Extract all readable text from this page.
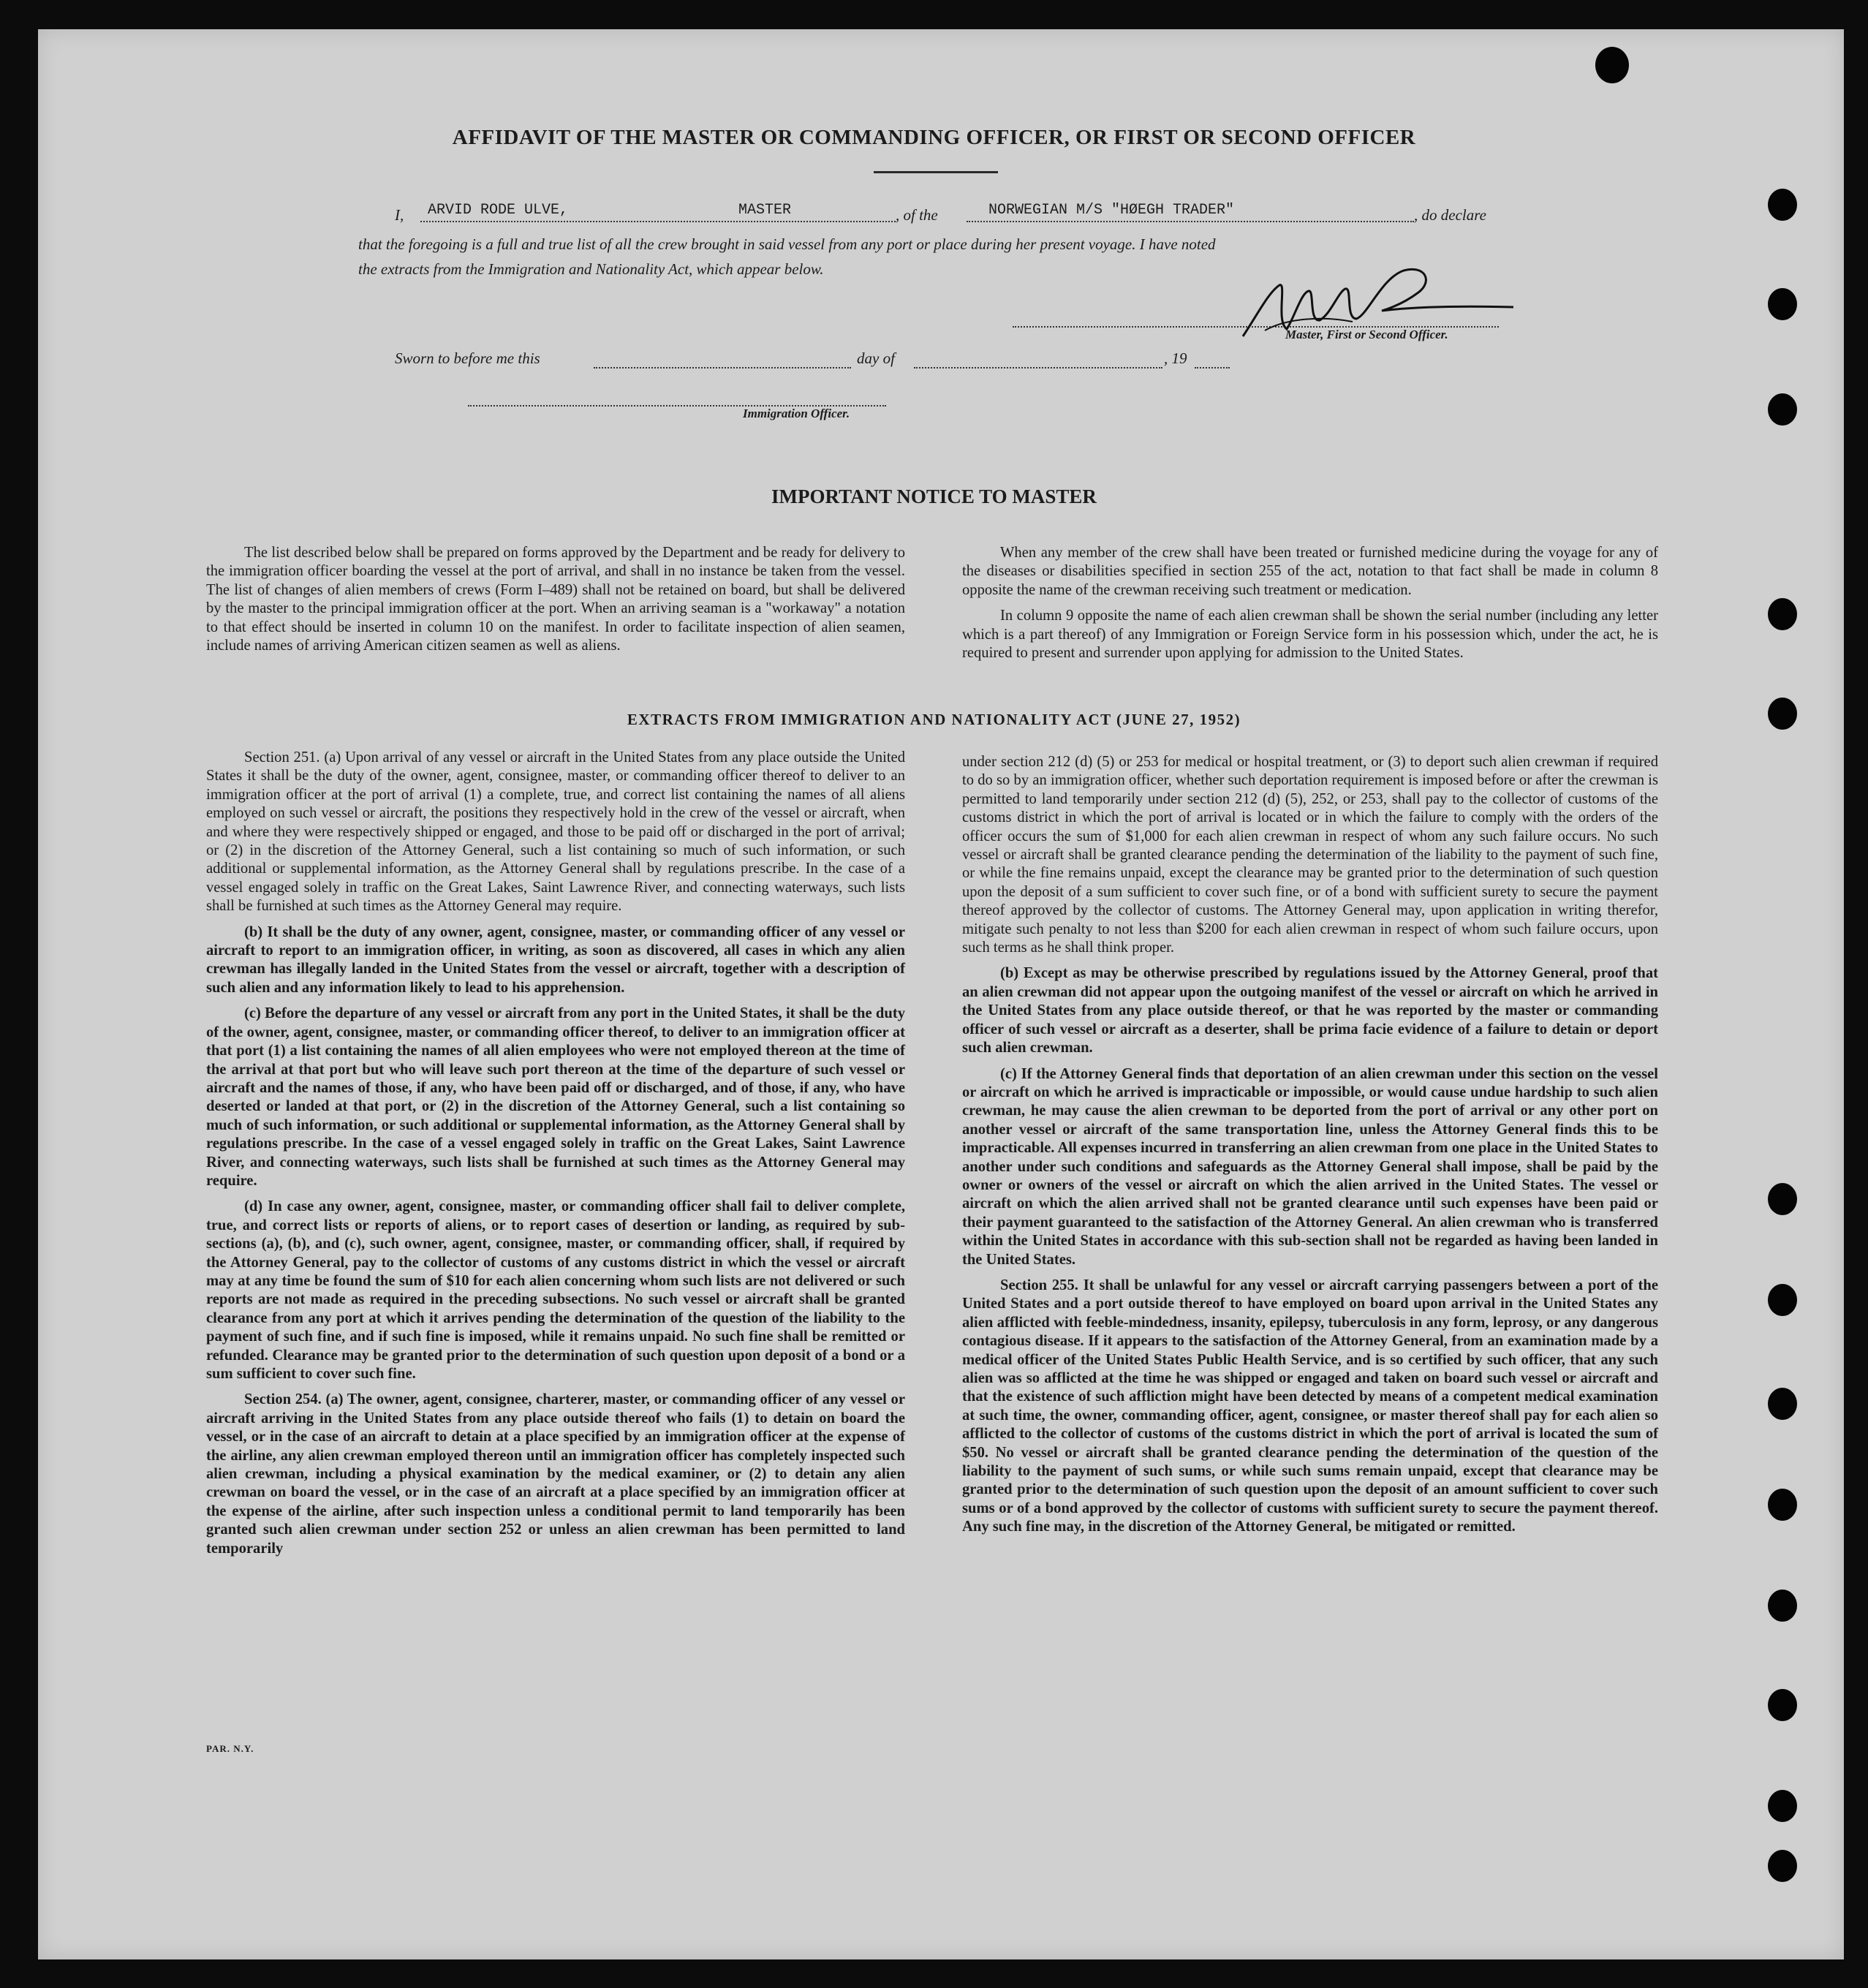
AFFIDAVIT OF THE MASTER OR COMMANDING OFFICER, OR FIRST OR SECOND OFFICER
I, ARVID RODE ULVE,	MASTER	, of the	NORWEGIAN M/S "HØEGH TRADER"	, do declare
that the foregoing is a full and true list of all the crew brought in said vessel from any port or place during her present voyage. I have noted
the extracts from the Immigration and Nationality Act, which appear below.
Master, First or Second Officer.
Sworn to before me this	day of	, 19
Immigration Officer.
IMPORTANT NOTICE TO MASTER

The list described below shall be prepared on forms approved by the Department and be ready for delivery to the immigration officer boarding the vessel at the port of arrival, and shall in no instance be taken from the vessel. The list of changes of alien members of crews (Form I–489) shall not be retained on board, but shall be delivered by the master to the principal immigration officer at the port. When an arriving seaman is a "workaway" a notation to that effect should be inserted in column 10 on the manifest. In order to facilitate inspection of alien seamen, include names of arriving American citizen seamen as well as aliens.

When any member of the crew shall have been treated or furnished medicine during the voyage for any of the diseases or disabilities specified in section 255 of the act, notation to that fact shall be made in column 8 opposite the name of the crewman receiving such treatment or medication.

In column 9 opposite the name of each alien crewman shall be shown the serial number (including any letter which is a part thereof) of any Immigration or Foreign Service form in his possession which, under the act, he is required to present and surrender upon applying for admission to the United States.

EXTRACTS FROM IMMIGRATION AND NATIONALITY ACT (JUNE 27, 1952)

Section 251. (a) Upon arrival of any vessel or aircraft in the United States from any place outside the United States it shall be the duty of the owner, agent, consignee, master, or commanding officer thereof to deliver to an immigration officer at the port of arrival (1) a complete, true, and correct list containing the names of all aliens employed on such vessel or aircraft, the positions they respectively hold in the crew of the vessel or aircraft, when and where they were respectively shipped or engaged, and those to be paid off or discharged in the port of arrival; or (2) in the discretion of the Attorney General, such a list containing so much of such information, or such additional or supplemental information, as the Attorney General shall by regulations prescribe. In the case of a vessel engaged solely in traffic on the Great Lakes, Saint Lawrence River, and connecting waterways, such lists shall be furnished at such times as the Attorney General may require.

(b) It shall be the duty of any owner, agent, consignee, master, or commanding officer of any vessel or aircraft to report to an immigration officer, in writing, as soon as discovered, all cases in which any alien crewman has illegally landed in the United States from the vessel or aircraft, together with a description of such alien and any information likely to lead to his apprehension.

(c) Before the departure of any vessel or aircraft from any port in the United States, it shall be the duty of the owner, agent, consignee, master, or commanding officer thereof, to deliver to an immigration officer at that port (1) a list containing the names of all alien employees who were not employed thereon at the time of the arrival at that port but who will leave such port thereon at the time of the departure of such vessel or aircraft and the names of those, if any, who have been paid off or discharged, and of those, if any, who have deserted or landed at that port, or (2) in the discretion of the Attorney General, such a list containing so much of such information, or such additional or supplemental information, as the Attorney General shall by regulations prescribe. In the case of a vessel engaged solely in traffic on the Great Lakes, Saint Lawrence River, and connecting waterways, such lists shall be furnished at such times as the Attorney General may require.

(d) In case any owner, agent, consignee, master, or commanding officer shall fail to deliver complete, true, and correct lists or reports of aliens, or to report cases of desertion or landing, as required by sub-sections (a), (b), and (c), such owner, agent, consignee, master, or commanding officer, shall, if required by the Attorney General, pay to the collector of customs of any customs district in which the vessel or aircraft may at any time be found the sum of $10 for each alien concerning whom such lists are not delivered or such reports are not made as required in the preceding subsections. No such vessel or aircraft shall be granted clearance from any port at which it arrives pending the determination of the question of the liability to the payment of such fine, and if such fine is imposed, while it remains unpaid. No such fine shall be remitted or refunded. Clearance may be granted prior to the determination of such question upon deposit of a bond or a sum sufficient to cover such fine.

Section 254. (a) The owner, agent, consignee, charterer, master, or commanding officer of any vessel or aircraft arriving in the United States from any place outside thereof who fails (1) to detain on board the vessel, or in the case of an aircraft to detain at a place specified by an immigration officer at the expense of the airline, any alien crewman employed thereon until an immigration officer has completely inspected such alien crewman, including a physical examination by the medical examiner, or (2) to detain any alien crewman on board the vessel, or in the case of an aircraft at a place specified by an immigration officer at the expense of the airline, after such inspection unless a conditional permit to land temporarily has been granted such alien crewman under section 252 or unless an alien crewman has been permitted to land temporarily

under section 212 (d) (5) or 253 for medical or hospital treatment, or (3) to deport such alien crewman if required to do so by an immigration officer, whether such deportation requirement is imposed before or after the crewman is permitted to land temporarily under section 212 (d) (5), 252, or 253, shall pay to the collector of customs of the customs district in which the port of arrival is located or in which the failure to comply with the orders of the officer occurs the sum of $1,000 for each alien crewman in respect of whom any such failure occurs. No such vessel or aircraft shall be granted clearance pending the determination of the liability to the payment of such fine, or while the fine remains unpaid, except the clearance may be granted prior to the determination of such question upon the deposit of a sum sufficient to cover such fine, or of a bond with sufficient surety to secure the payment thereof approved by the collector of customs. The Attorney General may, upon application in writing therefor, mitigate such penalty to not less than $200 for each alien crewman in respect of whom such failure occurs, upon such terms as he shall think proper.

(b) Except as may be otherwise prescribed by regulations issued by the Attorney General, proof that an alien crewman did not appear upon the outgoing manifest of the vessel or aircraft on which he arrived in the United States from any place outside thereof, or that he was reported by the master or commanding officer of such vessel or aircraft as a deserter, shall be prima facie evidence of a failure to detain or deport such alien crewman.

(c) If the Attorney General finds that deportation of an alien crewman under this section on the vessel or aircraft on which he arrived is impracticable or impossible, or would cause undue hardship to such alien crewman, he may cause the alien crewman to be deported from the port of arrival or any other port on another vessel or aircraft of the same transportation line, unless the Attorney General finds this to be impracticable. All expenses incurred in transferring an alien crewman from one place in the United States to another under such conditions and safeguards as the Attorney General shall impose, shall be paid by the owner or owners of the vessel or aircraft on which the alien arrived in the United States. The vessel or aircraft on which the alien arrived shall not be granted clearance until such expenses have been paid or their payment guaranteed to the satisfaction of the Attorney General. An alien crewman who is transferred within the United States in accordance with this sub-section shall not be regarded as having been landed in the United States.

Section 255. It shall be unlawful for any vessel or aircraft carrying passengers between a port of the United States and a port outside thereof to have employed on board upon arrival in the United States any alien afflicted with feeble-mindedness, insanity, epilepsy, tuberculosis in any form, leprosy, or any dangerous contagious disease. If it appears to the satisfaction of the Attorney General, from an examination made by a medical officer of the United States Public Health Service, and is so certified by such officer, that any such alien was so afflicted at the time he was shipped or engaged and taken on board such vessel or aircraft and that the existence of such affliction might have been detected by means of a competent medical examination at such time, the owner, commanding officer, agent, consignee, or master thereof shall pay for each alien so afflicted to the collector of customs of the customs district in which the port of arrival is located the sum of $50. No vessel or aircraft shall be granted clearance pending the determination of the question of the liability to the payment of such sums, or while such sums remain unpaid, except that clearance may be granted prior to the determination of such question upon the deposit of an amount sufficient to cover such sums or of a bond approved by the collector of customs with sufficient surety to secure the payment thereof. Any such fine may, in the discretion of the Attorney General, be mitigated or remitted.

PAR. N.Y.
